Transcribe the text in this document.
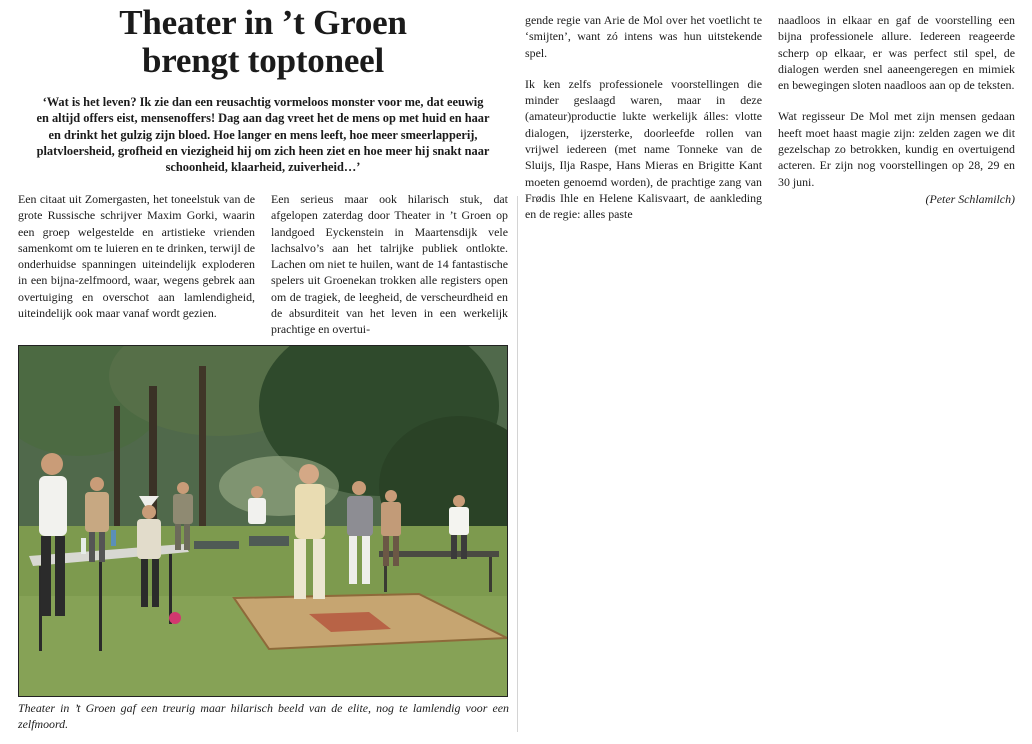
Theater in ’t Groen
brengt toptoneel

‘Wat is het leven? Ik zie dan een reusachtig vormeloos monster voor me, dat eeuwig en altijd offers eist, mensenoffers! Dag aan dag vreet het de mens op met huid en haar en drinkt het gulzig zijn bloed. Hoe langer en mens leeft, hoe meer smeerlapperij, platvloersheid, grofheid en viezigheid hij om zich heen ziet en hoe meer hij snakt naar schoonheid, klaarheid, zuiverheid…’

Een citaat uit Zomergasten, het toneelstuk van de grote Russische schrijver Maxim Gorki, waarin een groep welgestelde en artistieke vrienden samenkomt om te luieren en te drinken, terwijl de onderhuidse spanningen uiteindelijk exploderen in een bijna-zelfmoord, waar, wegens gebrek aan overtuiging en overschot aan lamlendigheid, uiteindelijk ook maar vanaf wordt gezien.

Een serieus maar ook hilarisch stuk, dat afgelopen zaterdag door Theater in ’t Groen op landgoed Eyckenstein in Maartensdijk vele lachsalvo’s aan het talrijke publiek ontlokte. Lachen om niet te huilen, want de 14 fantastische spelers uit Groenekan trokken alle registers open om de tragiek, de leegheid, de verscheurdheid en de absurditeit van het leven in een werkelijk prachtige en overtui-

gende regie van Arie de Mol over het voetlicht te ‘smijten’, want zó intens was hun uitstekende spel.

Ik ken zelfs professionele voorstellingen die minder geslaagd waren, maar in deze (amateur)productie lukte werkelijk álles: vlotte dialogen, ijzersterke, doorleefde rollen van vrijwel iedereen (met name Tonneke van de Sluijs, Ilja Raspe, Hans Mieras en Brigitte Kant moeten genoemd worden), de prachtige zang van Frødis Ihle en Helene Kalisvaart, de aankleding en de regie: alles paste

naadloos in elkaar en gaf de voorstelling een bijna professionele allure. Iedereen reageerde scherp op elkaar, er was perfect stil spel, de dialogen werden snel aaneengeregen en mimiek en bewegingen sloten naadloos aan op de teksten.

Wat regisseur De Mol met zijn mensen gedaan heeft moet haast magie zijn: zelden zagen we dit gezelschap zo betrokken, kundig en overtuigend acteren. Er zijn nog voorstellingen op 28, 29 en 30 juni.

(Peter Schlamilch)

Theater in ’t Groen gaf een treurig maar hilarisch beeld van de elite, nog te lamlendig voor een zelfmoord.
